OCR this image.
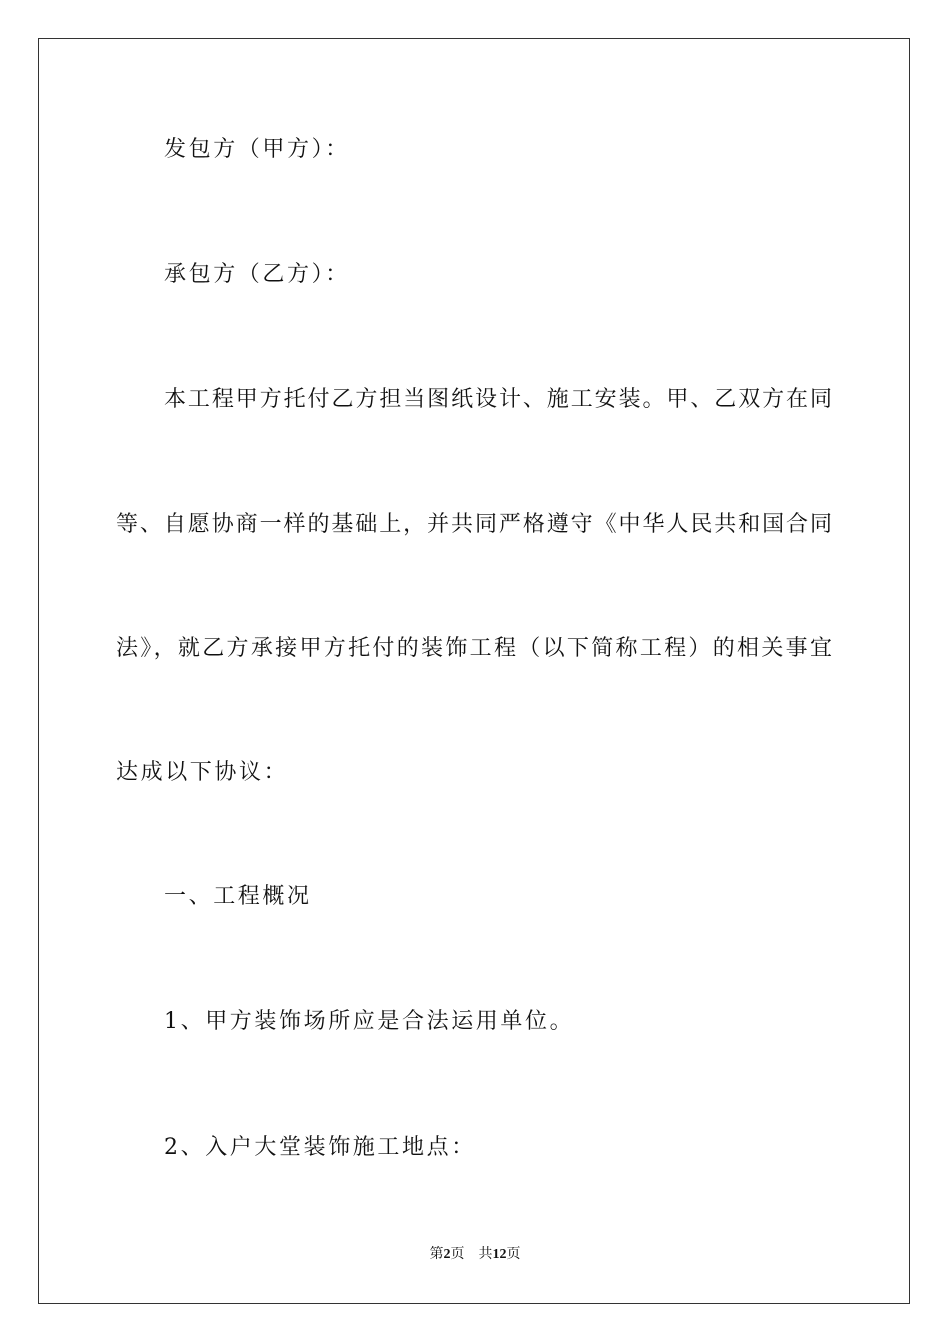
发包方（甲方）：

承包方（乙方）：

本工程甲方托付乙方担当图纸设计、施工安装。甲、乙双方在同

等、自愿协商一样的基础上，并共同严格遵守《中华人民共和国合同

法》，就乙方承接甲方托付的装饰工程（以下简称工程）的相关事宜

达成以下协议：

一、工程概况

1、甲方装饰场所应是合法运用单位。

2、入户大堂装饰施工地点：

第2页 共12页
